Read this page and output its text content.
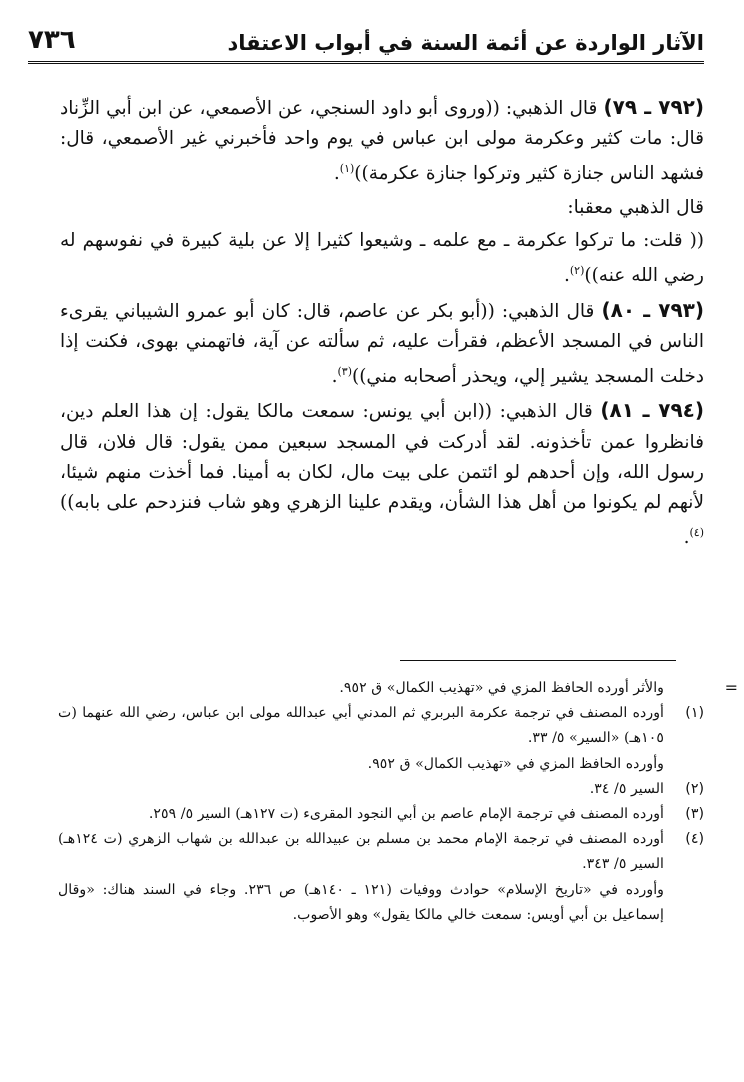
٧٣٦	الآثار الواردة عن أئمة السنة في أبواب الاعتقاد

(٧٩٢ ـ ٧٩) قال الذهبي: ((وروى أبو داود السنجي، عن الأصمعي، عن ابن أبي الزِّناد قال: مات كثير وعكرمة مولى ابن عباس في يوم واحد فأخبرني غير الأصمعي، قال: فشهد الناس جنازة كثير وتركوا جنازة عكرمة))$^{(١)}$.

قال الذهبي معقبا:

(( قلت: ما تركوا عكرمة ـ مع علمه ـ وشيعوا كثيرا إلا عن بلية كبيرة في نفوسهم له رضي الله عنه))$^{(٢)}$.

(٧٩٣ ـ ٨٠) قال الذهبي: ((أبو بكر عن عاصم، قال: كان أبو عمرو الشيباني يقرىء الناس في المسجد الأعظم، فقرأت عليه، ثم سألته عن آية، فاتهمني بهوى، فكنت إذا دخلت المسجد يشير إلي، ويحذر أصحابه مني))$^{(٣)}$.

(٧٩٤ ـ ٨١) قال الذهبي: ((ابن أبي يونس: سمعت مالكا يقول: إن هذا العلم دين، فانظروا عمن تأخذونه. لقد أدركت في المسجد سبعين ممن يقول: قال فلان، قال رسول الله، وإن أحدهم لو ائتمن على بيت مال، لكان به أمينا. فما أخذت منهم شيئا، لأنهم لم يكونوا من أهل هذا الشأن، ويقدم علينا الزهري وهو شاب فنزدحم على بابه))$^{(٤)}$.

=
والأثر أورده الحافظ المزي في «تهذيب الكمال» ق ٩٥٢.
(١)
أورده المصنف في ترجمة عكرمة البربري ثم المدني أبي عبدالله مولى ابن عباس، رضي الله عنهما (ت ١٠٥هـ) «السير» ٥/ ٣٣.
وأورده الحافظ المزي في «تهذيب الكمال» ق ٩٥٢.
(٢)
السير ٥/ ٣٤.
(٣)
أورده المصنف في ترجمة الإمام عاصم بن أبي النجود المقرىء (ت ١٢٧هـ) السير ٥/ ٢٥٩.
(٤)
أورده المصنف في ترجمة الإمام محمد بن مسلم بن عبيدالله بن عبدالله بن شهاب الزهري (ت ١٢٤هـ) السير ٥/ ٣٤٣.
وأورده في «تاريخ الإسلام» حوادث ووفيات (١٢١ ـ ١٤٠هـ) ص ٢٣٦. وجاء في السند هناك: «وقال إسماعيل بن أبي أويس: سمعت خالي مالكا يقول» وهو الأصوب.
